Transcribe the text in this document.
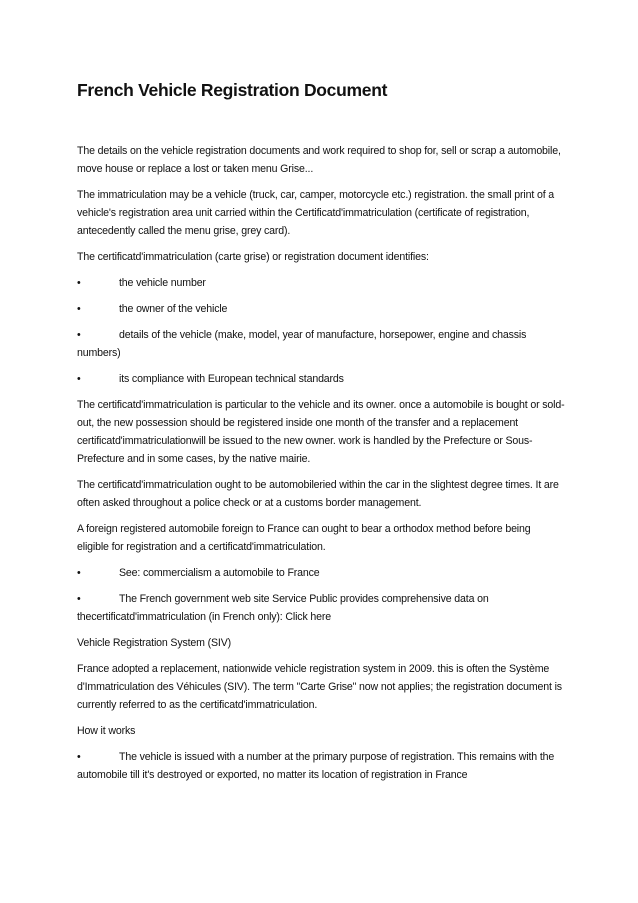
French Vehicle Registration Document

The details on the vehicle registration documents and work required to shop for, sell or scrap a automobile, move house or replace a lost or taken menu Grise...

The immatriculation may be a vehicle (truck, car, camper, motorcycle etc.) registration. the small print of a vehicle's registration area unit carried within the Certificatd'immatriculation (certificate of registration, antecedently called the menu grise, grey card).

The certificatd'immatriculation (carte grise) or registration document identifies:

•	the vehicle number

•	the owner of the vehicle

•	details of the vehicle (make, model, year of manufacture, horsepower, engine and chassis numbers)

•	its compliance with European technical standards

The certificatd'immatriculation is particular to the vehicle and its owner. once a automobile is bought or sold-out, the new possession should be registered inside one month of the transfer and a replacement certificatd'immatriculationwill be issued to the new owner. work is handled by the Prefecture or Sous-Prefecture and in some cases, by the native mairie.

The certificatd'immatriculation ought to be automobileried within the car in the slightest degree times. It are often asked throughout a police check or at a customs border management.

A foreign registered automobile foreign to France can ought to bear a orthodox method before being eligible for registration and a certificatd'immatriculation.

•	See: commercialism a automobile to France

•	The French government web site Service Public provides comprehensive data on thecertificatd'immatriculation (in French only): Click here

Vehicle Registration System (SIV)

France adopted a replacement, nationwide vehicle registration system in 2009. this is often the Système d'Immatriculation des Véhicules (SIV). The term "Carte Grise" now not applies; the registration document is currently referred to as the certificatd'immatriculation.

How it works

•	The vehicle is issued with a number at the primary purpose of registration. This remains with the automobile till it's destroyed or exported, no matter its location of registration in France
